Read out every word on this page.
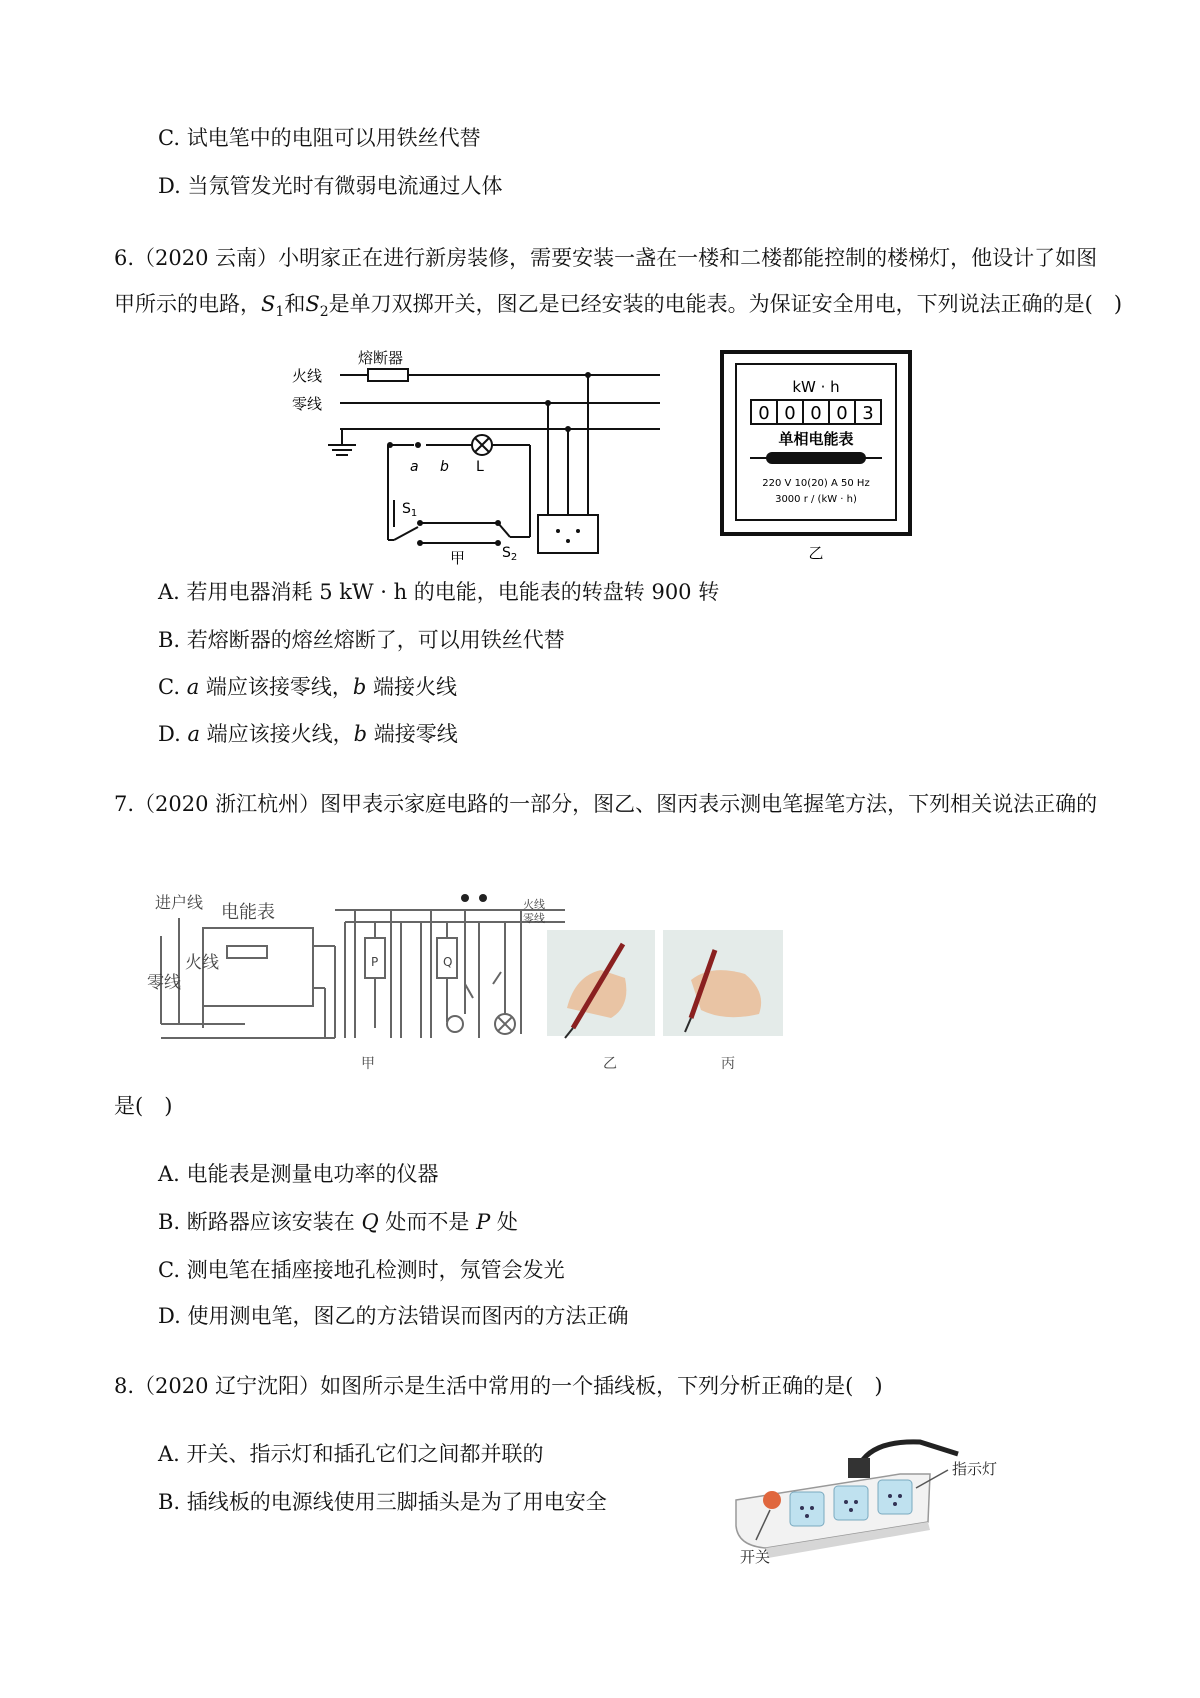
C. 试电笔中的电阻可以用铁丝代替
D. 当氖管发光时有微弱电流通过人体
6.（2020 云南）小明家正在进行新房装修，需要安装一盏在一楼和二楼都能控制的楼梯灯，他设计了如图
甲所示的电路，$S_1$和$S_2$是单刀双掷开关，图乙是已经安装的电能表。为保证安全用电，下列说法正确的是(　)
熔断器
火线
零线
a b L
$S_1$
$S_2$
甲
kW · h
0 0 0 0 3
单相电能表
220 V 10(20) A 50 Hz
3000 r / (kW · h)
乙
A. 若用电器消耗 5 kW · h 的电能，电能表的转盘转 900 转
B. 若熔断器的熔丝熔断了，可以用铁丝代替
C. a 端应该接零线，b 端接火线
D. a 端应该接火线，b 端接零线
7.（2020 浙江杭州）图甲表示家庭电路的一部分，图乙、图丙表示测电笔握笔方法，下列相关说法正确的
进户线 电能表
P	Q
火线
零线
甲
火线
零线
乙	丙
是(　)
A. 电能表是测量电功率的仪器
B. 断路器应该安装在 Q 处而不是 P 处
C. 测电笔在插座接地孔检测时，氖管会发光
D. 使用测电笔，图乙的方法错误而图丙的方法正确
8.（2020 辽宁沈阳）如图所示是生活中常用的一个插线板，下列分析正确的是(　)
A. 开关、指示灯和插孔它们之间都并联的
B. 插线板的电源线使用三脚插头是为了用电安全
指示灯
开关
